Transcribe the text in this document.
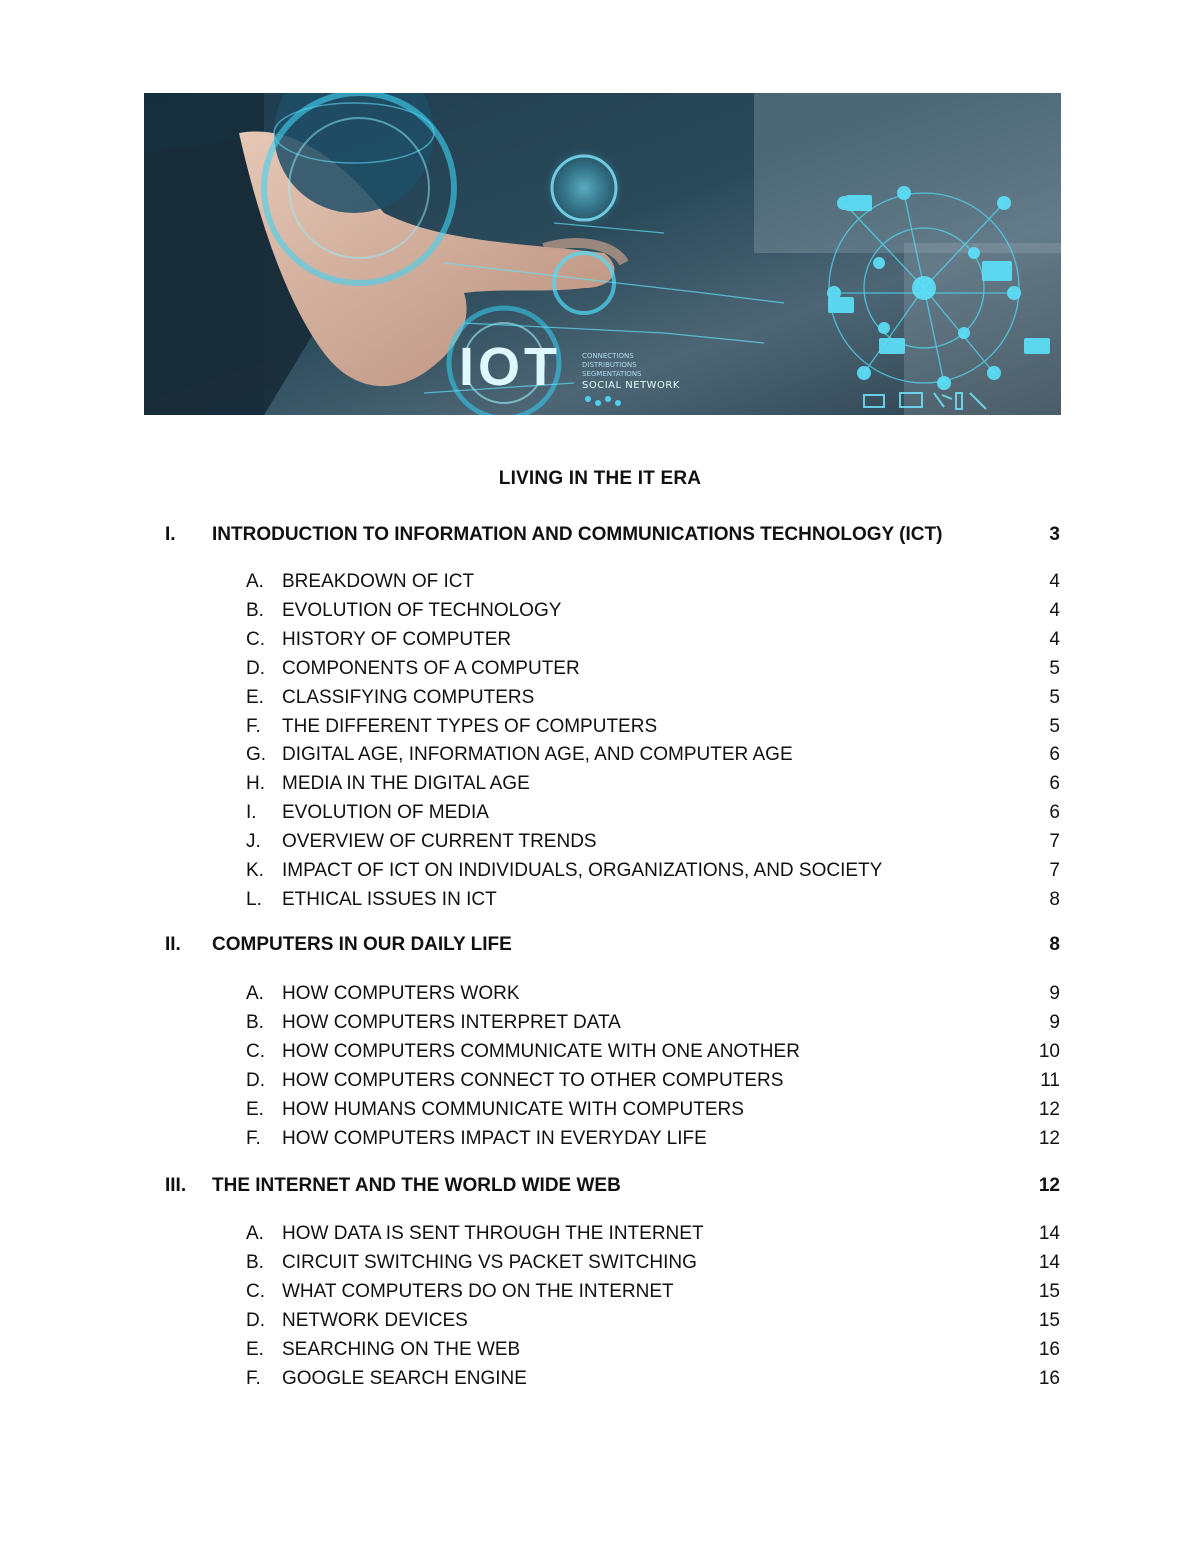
IOT	CONNECTIONS
DISTRIBUTIONS
SEGMENTATIONS
SOCIAL NETWORK
LIVING IN THE IT ERA
I. INTRODUCTION TO INFORMATION AND COMMUNICATIONS TECHNOLOGY (ICT)	3
A. BREAKDOWN OF ICT	4
B. EVOLUTION OF TECHNOLOGY	4
C. HISTORY OF COMPUTER	4
D. COMPONENTS OF A COMPUTER	5
E. CLASSIFYING COMPUTERS	5
F. THE DIFFERENT TYPES OF COMPUTERS	5
G. DIGITAL AGE, INFORMATION AGE, AND COMPUTER AGE	6
H. MEDIA IN THE DIGITAL AGE	6
I. EVOLUTION OF MEDIA	6
J. OVERVIEW OF CURRENT TRENDS	7
K. IMPACT OF ICT ON INDIVIDUALS, ORGANIZATIONS, AND SOCIETY	7
L. ETHICAL ISSUES IN ICT	8
II. COMPUTERS IN OUR DAILY LIFE	8
A. HOW COMPUTERS WORK	9
B. HOW COMPUTERS INTERPRET DATA	9
C. HOW COMPUTERS COMMUNICATE WITH ONE ANOTHER	10
D. HOW COMPUTERS CONNECT TO OTHER COMPUTERS	11
E. HOW HUMANS COMMUNICATE WITH COMPUTERS	12
F. HOW COMPUTERS IMPACT IN EVERYDAY LIFE	12
III. THE INTERNET AND THE WORLD WIDE WEB	12
A. HOW DATA IS SENT THROUGH THE INTERNET	14
B. CIRCUIT SWITCHING VS PACKET SWITCHING	14
C. WHAT COMPUTERS DO ON THE INTERNET	15
D. NETWORK DEVICES	15
E. SEARCHING ON THE WEB	16
F. GOOGLE SEARCH ENGINE	16
